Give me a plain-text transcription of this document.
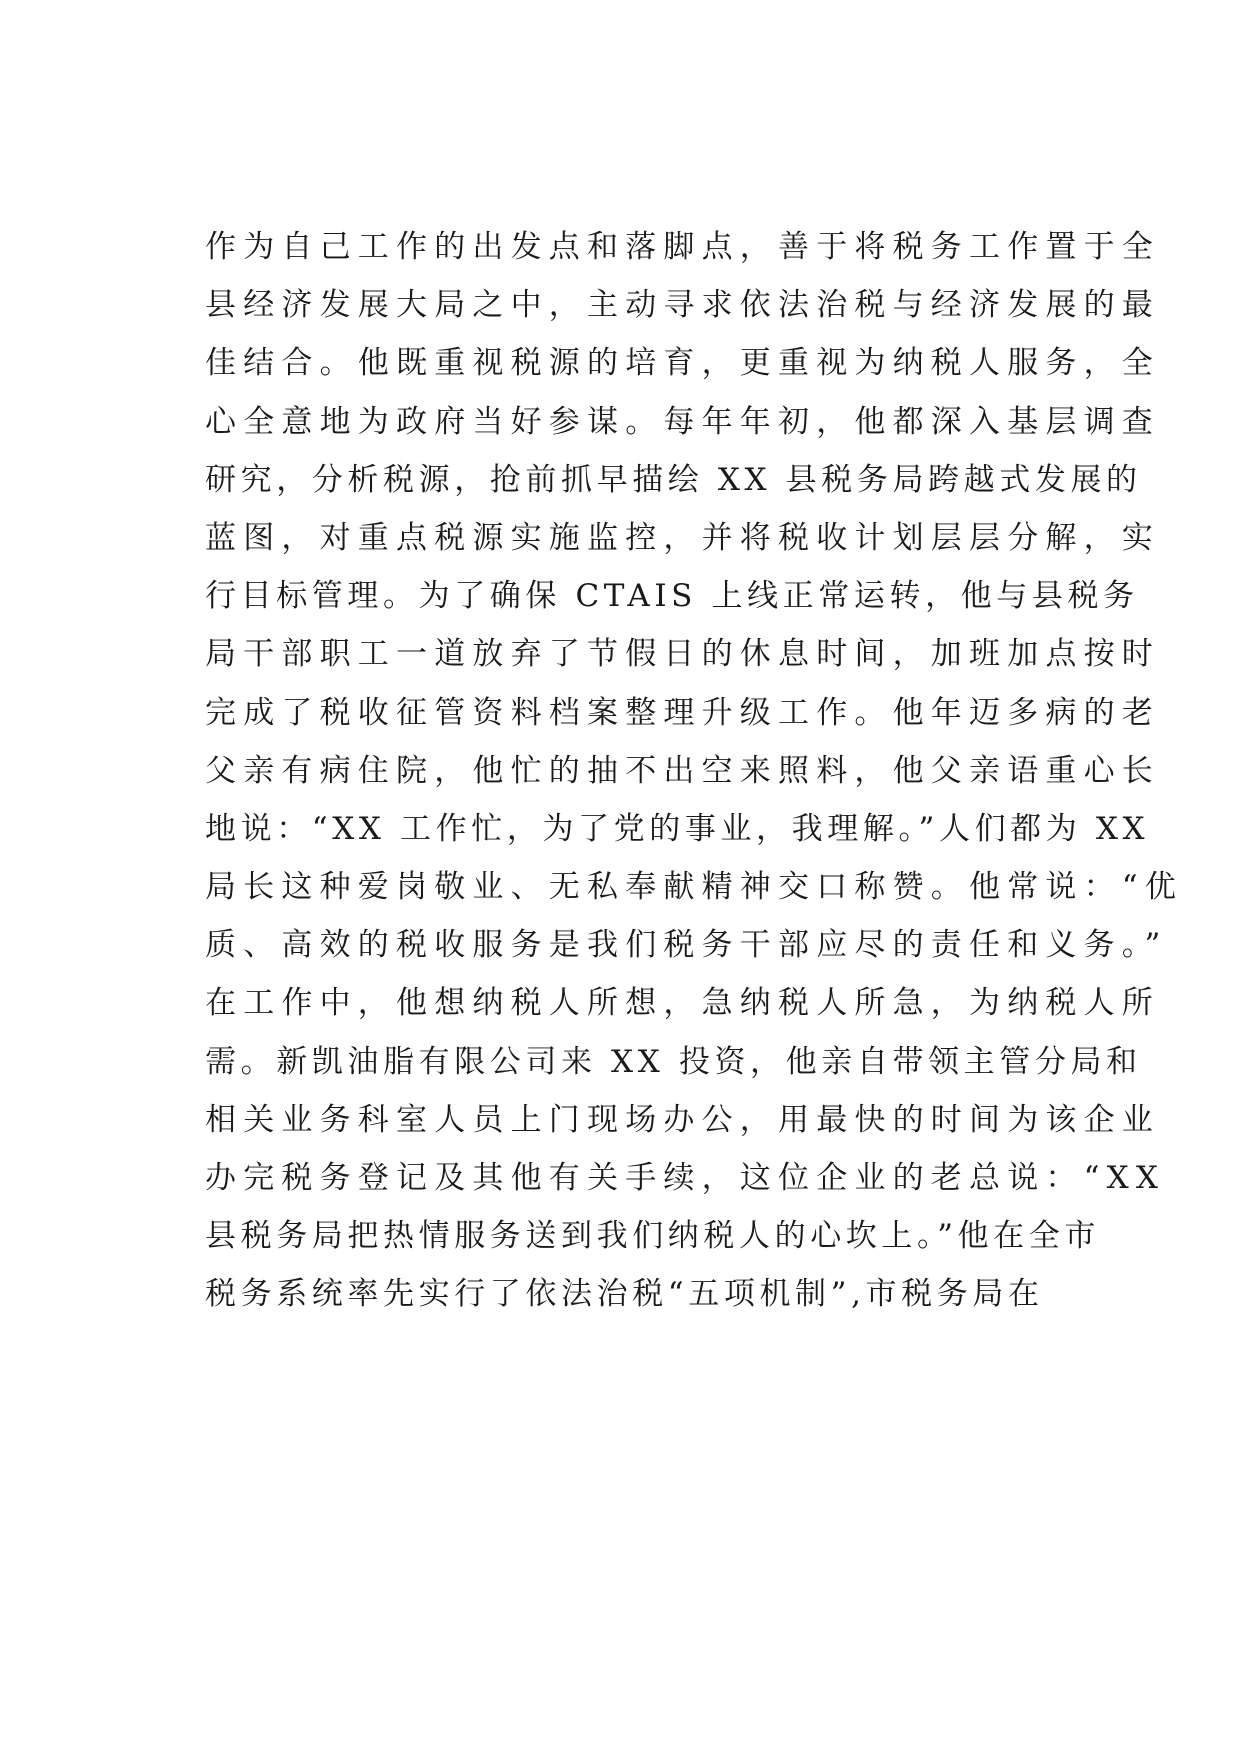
作为自己工作的出发点和落脚点，善于将税务工作置于全
县经济发展大局之中，主动寻求依法治税与经济发展的最
佳结合。他既重视税源的培育，更重视为纳税人服务，全
心全意地为政府当好参谋。每年年初，他都深入基层调查
研究，分析税源，抢前抓早描绘 XX 县税务局跨越式发展的
蓝图，对重点税源实施监控，并将税收计划层层分解，实
行目标管理。为了确保 CTAIS 上线正常运转，他与县税务
局干部职工一道放弃了节假日的休息时间，加班加点按时
完成了税收征管资料档案整理升级工作。他年迈多病的老
父亲有病住院，他忙的抽不出空来照料，他父亲语重心长
地说：“XX 工作忙，为了党的事业，我理解。”人们都为 XX
局长这种爱岗敬业、无私奉献精神交口称赞。他常说：“优
质、高效的税收服务是我们税务干部应尽的责任和义务。”
在工作中，他想纳税人所想，急纳税人所急，为纳税人所
需。新凯油脂有限公司来 XX 投资，他亲自带领主管分局和
相关业务科室人员上门现场办公，用最快的时间为该企业
办完税务登记及其他有关手续，这位企业的老总说：“XX
县税务局把热情服务送到我们纳税人的心坎上。”他在全市
税务系统率先实行了依法治税“五项机制”,市税务局在
